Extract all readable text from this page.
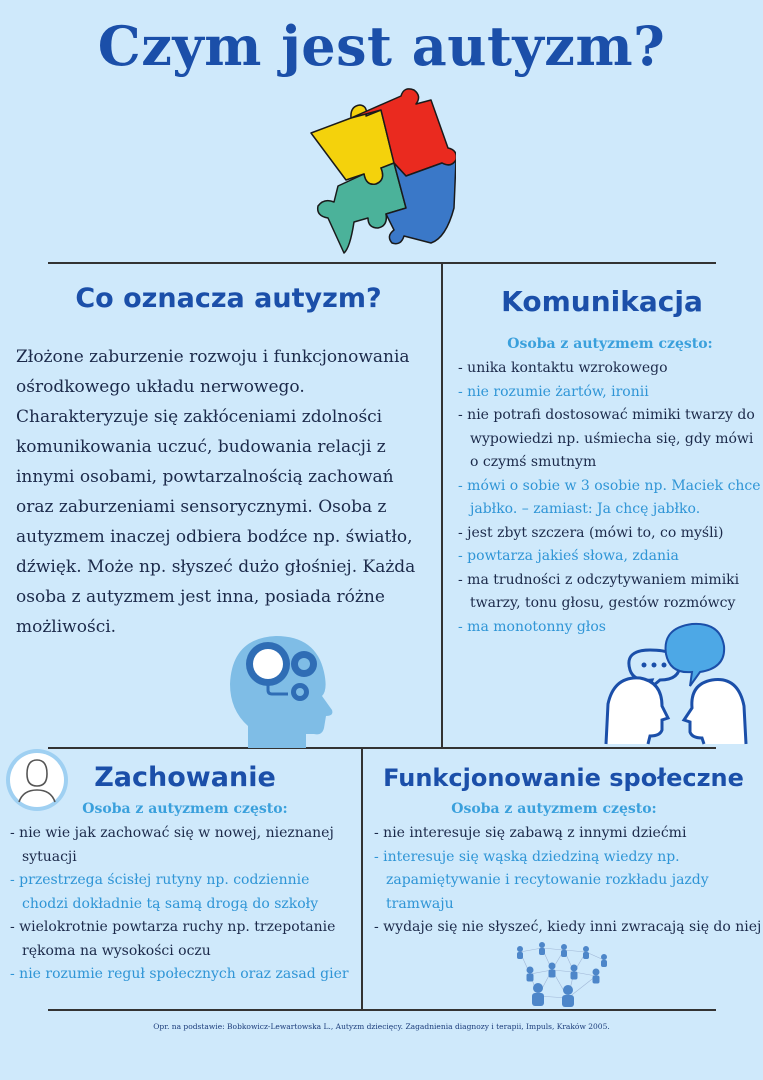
Czym jest autyzm?
Co oznacza autyzm?
Złożone zaburzenie rozwoju i funkcjonowania ośrodkowego układu nerwowego. Charakteryzuje się zakłóceniami zdolności komunikowania uczuć, budowania relacji z innymi osobami, powtarzalnością zachowań oraz zaburzeniami sensorycznymi. Osoba z autyzmem inaczej odbiera bodźce np. światło, dźwięk. Może np. słyszeć dużo głośniej. Każda osoba z autyzmem jest inna, posiada różne możliwości.
Komunikacja
Osoba z autyzmem często:
- unika kontaktu wzrokowego
- nie rozumie żartów, ironii
- nie potrafi dostosować mimiki twarzy do wypowiedzi np. uśmiecha się, gdy mówi o czymś smutnym
- mówi o sobie w 3 osobie np. Maciek chce jabłko. – zamiast: Ja chcę jabłko.
- jest zbyt szczera (mówi to, co myśli)
- powtarza jakieś słowa, zdania
- ma trudności z odczytywaniem mimiki twarzy, tonu głosu, gestów rozmówcy
- ma monotonny głos
Zachowanie
Osoba z autyzmem często:
- nie wie jak zachować się w nowej, nieznanej sytuacji
- przestrzega ścisłej rutyny np. codziennie chodzi dokładnie tą samą drogą do szkoły
- wielokrotnie powtarza ruchy np. trzepotanie rękoma na wysokości oczu
- nie rozumie reguł społecznych oraz zasad gier
Funkcjonowanie społeczne
Osoba z autyzmem często:
- nie interesuje się zabawą z innymi dziećmi
- interesuje się wąską dziedziną wiedzy np. zapamiętywanie i recytowanie rozkładu jazdy tramwaju
- wydaje się nie słyszeć, kiedy inni zwracają się do niej
Opr. na podstawie: Bobkowicz-Lewartowska L., Autyzm dziecięcy. Zagadnienia diagnozy i terapii, Impuls, Kraków 2005.
